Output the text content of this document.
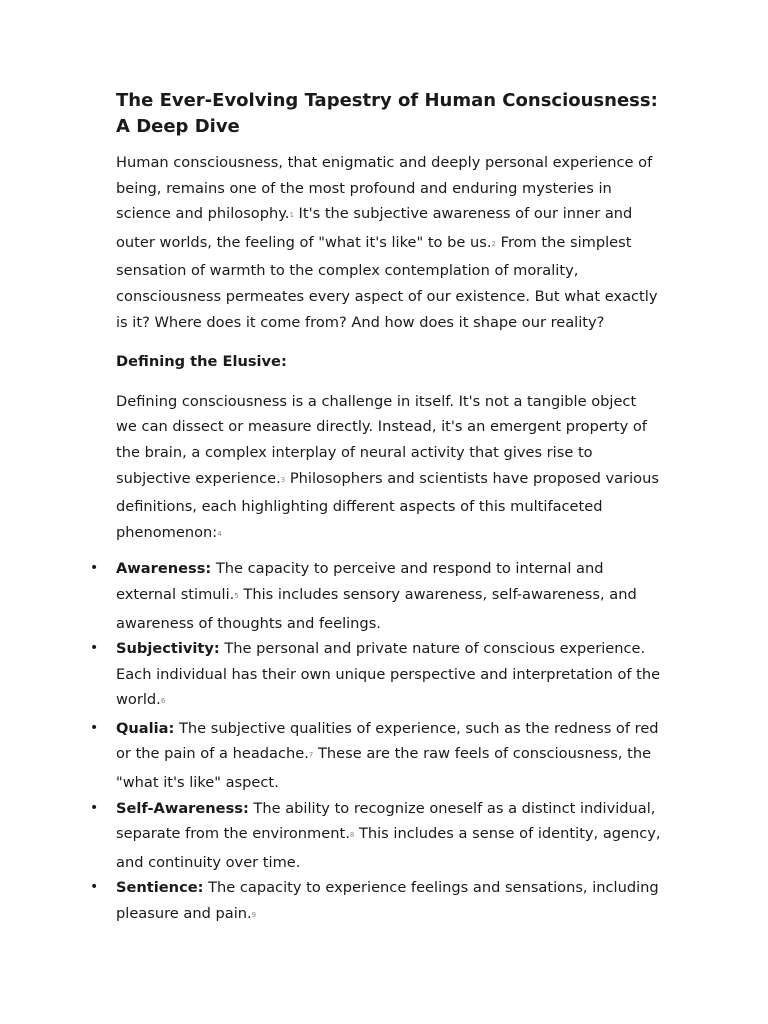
The Ever-Evolving Tapestry of Human Consciousness: A Deep Dive

Human consciousness, that enigmatic and deeply personal experience of being, remains one of the most profound and enduring mysteries in science and philosophy.$^1$ It's the subjective awareness of our inner and outer worlds, the feeling of "what it's like" to be us.$^2$ From the simplest sensation of warmth to the complex contemplation of morality, consciousness permeates every aspect of our existence. But what exactly is it? Where does it come from? And how does it shape our reality?

Defining the Elusive:

Defining consciousness is a challenge in itself. It's not a tangible object we can dissect or measure directly. Instead, it's an emergent property of the brain, a complex interplay of neural activity that gives rise to subjective experience.$^3$ Philosophers and scientists have proposed various definitions, each highlighting different aspects of this multifaceted phenomenon:$^4$

• Awareness: The capacity to perceive and respond to internal and external stimuli.$^5$ This includes sensory awareness, self-awareness, and awareness of thoughts and feelings.
• Subjectivity: The personal and private nature of conscious experience. Each individual has their own unique perspective and interpretation of the world.$^6$
• Qualia: The subjective qualities of experience, such as the redness of red or the pain of a headache.$^7$ These are the raw feels of consciousness, the "what it's like" aspect.
• Self-Awareness: The ability to recognize oneself as a distinct individual, separate from the environment.$^8$ This includes a sense of identity, agency, and continuity over time.
• Sentience: The capacity to experience feelings and sensations, including pleasure and pain.$^9$
